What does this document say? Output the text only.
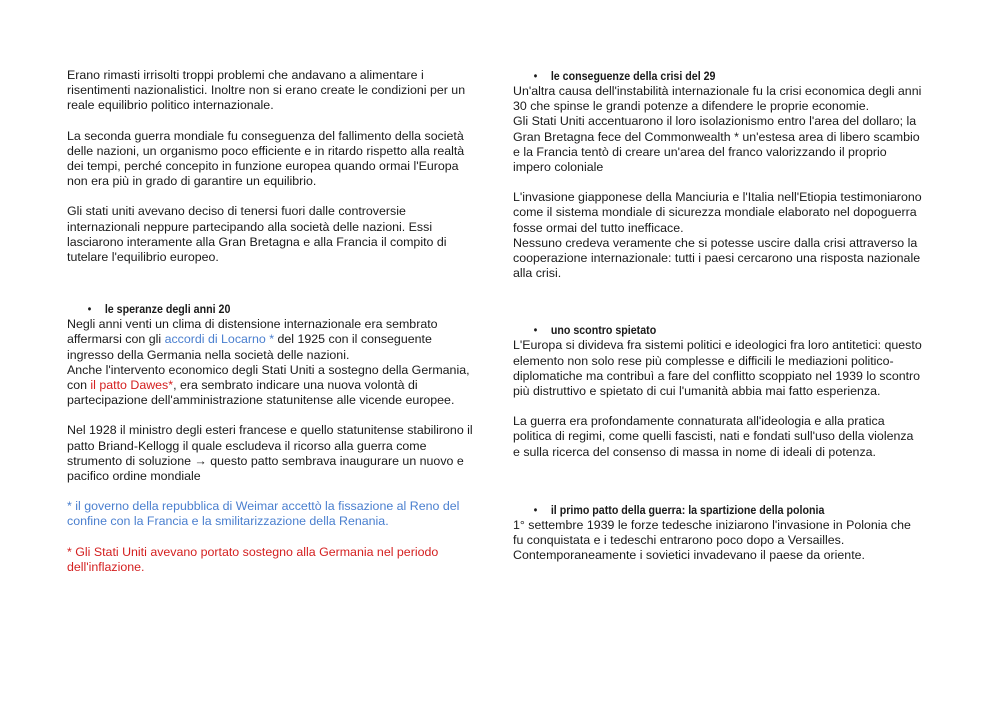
Erano rimasti irrisolti troppi problemi che andavano a alimentare i risentimenti nazionalistici. Inoltre non si erano create le condizioni per un reale equilibrio politico internazionale.

La seconda guerra mondiale fu conseguenza del fallimento della società delle nazioni, un organismo poco efficiente e in ritardo rispetto alla realtà dei tempi, perché concepito in funzione europea quando ormai l'Europa non era più in grado di garantire un equilibrio.

Gli stati uniti avevano deciso di tenersi fuori dalle controversie internazionali neppure partecipando alla società delle nazioni. Essi lasciarono interamente alla Gran Bretagna e alla Francia il compito di tutelare l'equilibrio europeo.

• le speranze degli anni 20

Negli anni venti un clima di distensione internazionale era sembrato affermarsi con gli accordi di Locarno * del 1925 con il conseguente ingresso della Germania nella società delle nazioni.

Anche l'intervento economico degli Stati Uniti a sostegno della Germania, con il patto Dawes*, era sembrato indicare una nuova volontà di partecipazione dell'amministrazione statunitense alle vicende europee.

Nel 1928 il ministro degli esteri francese e quello statunitense stabilirono il patto Briand-Kellogg il quale escludeva il ricorso alla guerra come strumento di soluzione → questo patto sembrava inaugurare un nuovo e pacifico ordine mondiale

* il governo della repubblica di Weimar accettò la fissazione al Reno del confine con la Francia e la smilitarizzazione della Renania.

* Gli Stati Uniti avevano portato sostegno alla Germania nel periodo dell'inflazione.

• le conseguenze della crisi del 29

Un'altra causa dell'instabilità internazionale fu la crisi economica degli anni 30 che spinse le grandi potenze a difendere le proprie economie.

Gli Stati Uniti accentuarono il loro isolazionismo entro l'area del dollaro; la Gran Bretagna fece del Commonwealth * un'estesa area di libero scambio e la Francia tentò di creare un'area del franco valorizzando il proprio impero coloniale

L'invasione giapponese della Manciuria e l'Italia nell'Etiopia testimoniarono come il sistema mondiale di sicurezza mondiale elaborato nel dopoguerra fosse ormai del tutto inefficace.

Nessuno credeva veramente che si potesse uscire dalla crisi attraverso la cooperazione internazionale: tutti i paesi cercarono una risposta nazionale alla crisi.

• uno scontro spietato

L'Europa si divideva fra sistemi politici e ideologici fra loro antitetici: questo elemento non solo rese più complesse e difficili le mediazioni politico-diplomatiche ma contribuì a fare del conflitto scoppiato nel 1939 lo scontro più distruttivo e spietato di cui l'umanità abbia mai fatto esperienza.

La guerra era profondamente connaturata all'ideologia e alla pratica politica di regimi, come quelli fascisti, nati e fondati sull'uso della violenza e sulla ricerca del consenso di massa in nome di ideali di potenza.

• il primo patto della guerra: la spartizione della polonia

1° settembre 1939 le forze tedesche iniziarono l'invasione in Polonia che fu conquistata e i tedeschi entrarono poco dopo a Versailles. Contemporaneamente i sovietici invadevano il paese da oriente.
